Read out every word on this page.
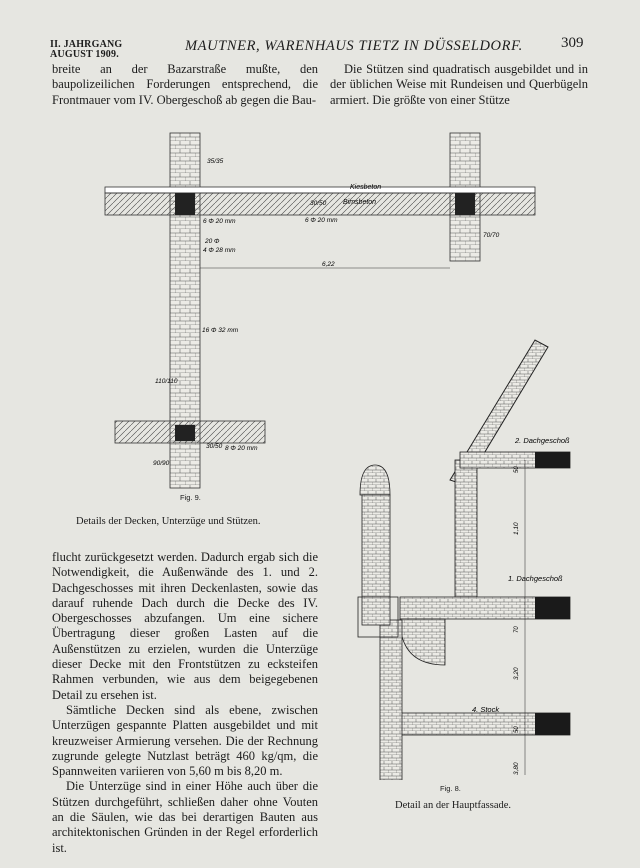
II. JAHRGANG
AUGUST 1909.
MAUTNER, WARENHAUS TIETZ IN DÜSSELDORF.	309

breite an der Bazarstraße mußte, den baupolizeilichen Forderungen entsprechend, die Frontmauer vom IV. Obergeschoß ab gegen die Bau-

Die Stützen sind quadratisch ausgebildet und in der üblichen Weise mit Rundeisen und Querbügeln armiert. Die größte von einer Stütze

Kiesbeton
Bimsbeton
35/35
30/50
6 Φ 20 mm	6 Φ 20 mm
20 Φ
4 Φ 28 mm
6,22
16 Φ 32 mm
110/110
70/70
30/50 8 Φ 20 mm
90/90
Fig. 9.
Details der Decken, Unterzüge und Stützen.
2. Dachgeschoß
1. Dachgeschoß
4. Stock
1,10
3,20
3,80
50
70
50
Fig. 8.
Detail an der Hauptfassade.

flucht zurückgesetzt werden. Dadurch ergab sich die Notwendigkeit, die Außenwände des 1. und 2. Dachgeschosses mit ihren Deckenlasten, sowie das darauf ruhende Dach durch die Decke des IV. Obergeschosses abzufangen. Um eine sichere Übertragung dieser großen Lasten auf die Außenstützen zu erzielen, wurden die Unterzüge dieser Decke mit den Frontstützen zu ecksteifen Rahmen verbunden, wie aus dem beigegebenen Detail zu ersehen ist.

Sämtliche Decken sind als ebene, zwischen Unterzügen gespannte Platten ausgebildet und mit kreuzweiser Armierung versehen. Die der Rechnung zugrunde gelegte Nutzlast beträgt 460 kg/qm, die Spannweiten variieren von 5,60 m bis 8,20 m.

Die Unterzüge sind in einer Höhe auch über die Stützen durchgeführt, schließen daher ohne Vouten an die Säulen, wie das bei derartigen Bauten aus architektonischen Gründen in der Regel erforderlich ist.
